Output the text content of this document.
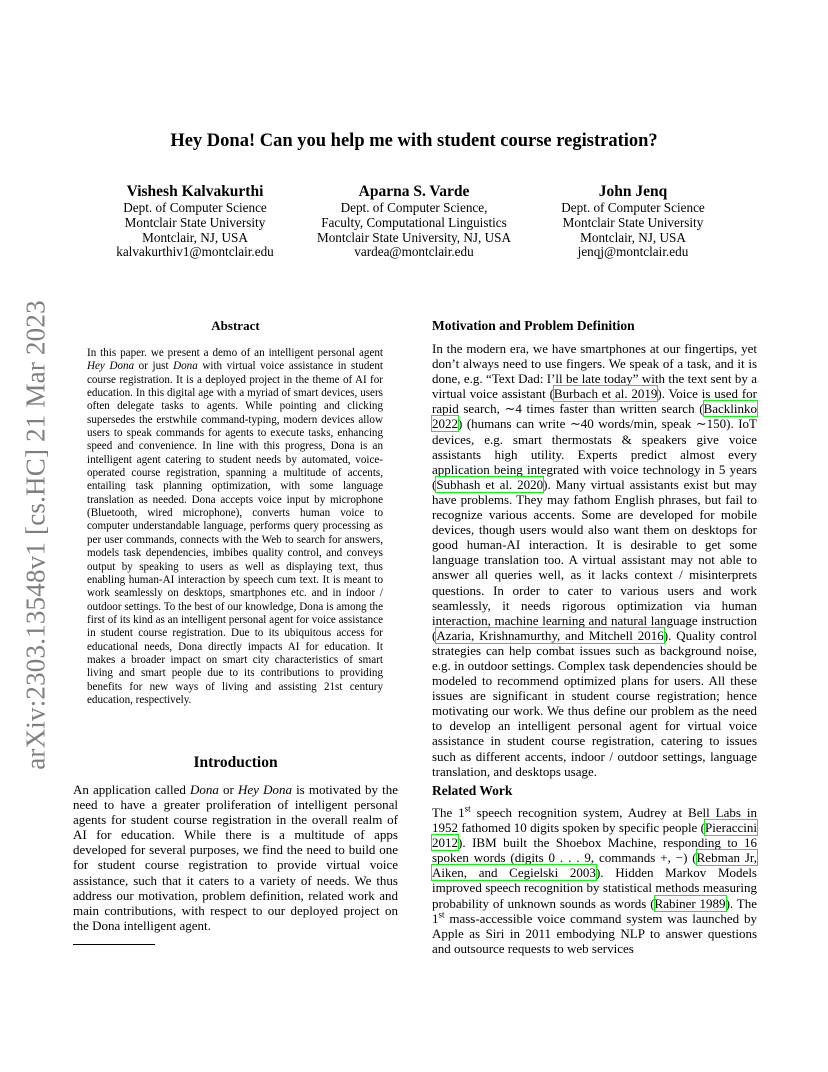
arXiv:2303.13548v1 [cs.HC] 21 Mar 2023
Hey Dona! Can you help me with student course registration?
Vishesh Kalvakurthi
Dept. of Computer Science
Montclair State University
Montclair, NJ, USA
kalvakurthiv1@montclair.edu
Aparna S. Varde
Dept. of Computer Science,
Faculty, Computational Linguistics
Montclair State University, NJ, USA
vardea@montclair.edu
John Jenq
Dept. of Computer Science
Montclair State University
Montclair, NJ, USA
jenqj@montclair.edu
Abstract
In this paper. we present a demo of an intelligent personal agent Hey Dona or just Dona with virtual voice assistance in student course registration. It is a deployed project in the theme of AI for education. In this digital age with a myriad of smart devices, users often delegate tasks to agents. While pointing and clicking supersedes the erstwhile command-typing, modern devices allow users to speak commands for agents to execute tasks, enhancing speed and convenience. In line with this progress, Dona is an intelligent agent catering to student needs by automated, voice-operated course registration, spanning a multitude of accents, entailing task planning optimization, with some language translation as needed. Dona accepts voice input by microphone (Bluetooth, wired microphone), converts human voice to computer understandable language, performs query processing as per user commands, connects with the Web to search for answers, models task dependencies, imbibes quality control, and conveys output by speaking to users as well as displaying text, thus enabling human-AI interaction by speech cum text. It is meant to work seamlessly on desktops, smartphones etc. and in indoor / outdoor settings. To the best of our knowledge, Dona is among the first of its kind as an intelligent personal agent for voice assistance in student course registration. Due to its ubiquitous access for educational needs, Dona directly impacts AI for education. It makes a broader impact on smart city characteristics of smart living and smart people due to its contributions to providing benefits for new ways of living and assisting 21st century education, respectively.
Introduction
An application called Dona or Hey Dona is motivated by the need to have a greater proliferation of intelligent personal agents for student course registration in the overall realm of AI for education. While there is a multitude of apps developed for several purposes, we find the need to build one for student course registration to provide virtual voice assistance, such that it caters to a variety of needs. We thus address our motivation, problem definition, related work and main contributions, with respect to our deployed project on the Dona intelligent agent.
Motivation and Problem Definition
In the modern era, we have smartphones at our fingertips, yet don’t always need to use fingers. We speak of a task, and it is done, e.g. “Text Dad: I’ll be late today” with the text sent by a virtual voice assistant (Burbach et al. 2019). Voice is used for rapid search, ∼4 times faster than written search (Backlinko 2022) (humans can write ∼40 words/min, speak ∼150). IoT devices, e.g. smart thermostats & speakers give voice assistants high utility. Experts predict almost every application being integrated with voice technology in 5 years (Subhash et al. 2020). Many virtual assistants exist but may have problems. They may fathom English phrases, but fail to recognize various accents. Some are developed for mobile devices, though users would also want them on desktops for good human-AI interaction. It is desirable to get some language translation too. A virtual assistant may not able to answer all queries well, as it lacks context / misinterprets questions. In order to cater to various users and work seamlessly, it needs rigorous optimization via human interaction, machine learning and natural language instruction (Azaria, Krishnamurthy, and Mitchell 2016). Quality control strategies can help combat issues such as background noise, e.g. in outdoor settings. Complex task dependencies should be modeled to recommend optimized plans for users. All these issues are significant in student course registration; hence motivating our work. We thus define our problem as the need to develop an intelligent personal agent for virtual voice assistance in student course registration, catering to issues such as different accents, indoor / outdoor settings, language translation, and desktops usage.
Related Work
The 1st speech recognition system, Audrey at Bell Labs in 1952 fathomed 10 digits spoken by specific people (Pieraccini 2012). IBM built the Shoebox Machine, responding to 16 spoken words (digits 0 . . . 9, commands +, −) (Rebman Jr, Aiken, and Cegielski 2003). Hidden Markov Models improved speech recognition by statistical methods measuring probability of unknown sounds as words (Rabiner 1989). The 1st mass-accessible voice command system was launched by Apple as Siri in 2011 embodying NLP to answer questions and outsource requests to web services
